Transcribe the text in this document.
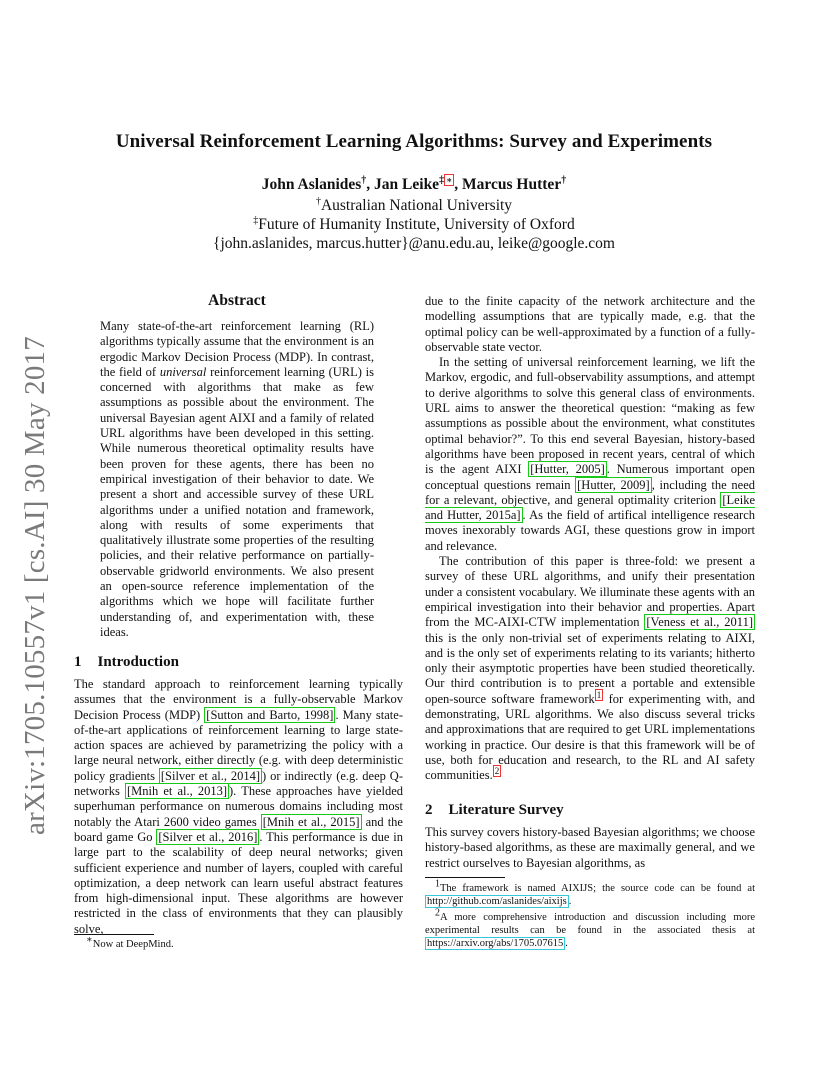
arXiv:1705.10557v1 [cs.AI] 30 May 2017
Universal Reinforcement Learning Algorithms: Survey and Experiments
John Aslanides†, Jan Leike‡ ∗ , Marcus Hutter†
†Australian National University
‡Future of Humanity Institute, University of Oxford
{john.aslanides, marcus.hutter}@anu.edu.au, leike@google.com
Abstract
Many state-of-the-art reinforcement learning (RL) algorithms typically assume that the environment is an ergodic Markov Decision Process (MDP). In contrast, the field of universal reinforcement learning (URL) is concerned with algorithms that make as few assumptions as possible about the environment. The universal Bayesian agent AIXI and a family of related URL algorithms have been developed in this setting. While numerous theoretical optimality results have been proven for these agents, there has been no empirical investigation of their behavior to date. We present a short and accessible survey of these URL algorithms under a unified notation and framework, along with results of some experiments that qualitatively illustrate some properties of the resulting policies, and their relative performance on partially-observable gridworld environments. We also present an open-source reference implementation of the algorithms which we hope will facilitate further understanding of, and experimentation with, these ideas.
1 Introduction
The standard approach to reinforcement learning typically assumes that the environment is a fully-observable Markov Decision Process (MDP) [Sutton and Barto, 1998] . Many state-of-the-art applications of reinforcement learning to large state-action spaces are achieved by parametrizing the policy with a large neural network, either directly (e.g. with deep deterministic policy gradients [Silver et al., 2014] ) or indirectly (e.g. deep Q-networks [Mnih et al., 2013] ). These approaches have yielded superhuman performance on numerous domains including most notably the Atari 2600 video games [Mnih et al., 2015] and the board game Go [Silver et al., 2016] . This performance is due in large part to the scalability of deep neural networks; given sufficient experience and number of layers, coupled with careful optimization, a deep network can learn useful abstract features from high-dimensional input. These algorithms are however restricted in the class of environments that they can plausibly solve,
∗Now at DeepMind.

due to the finite capacity of the network architecture and the modelling assumptions that are typically made, e.g. that the optimal policy can be well-approximated by a function of a fully-observable state vector.

In the setting of universal reinforcement learning, we lift the Markov, ergodic, and full-observability assumptions, and attempt to derive algorithms to solve this general class of environments. URL aims to answer the theoretical question: “making as few assumptions as possible about the environment, what constitutes optimal behavior?”. To this end several Bayesian, history-based algorithms have been proposed in recent years, central of which is the agent AIXI [Hutter, 2005] . Numerous important open conceptual questions remain [Hutter, 2009] , including the need for a relevant, objective, and general optimality criterion [Leike and Hutter, 2015a] . As the field of artifical intelligence research moves inexorably towards AGI, these questions grow in import and relevance.

The contribution of this paper is three-fold: we present a survey of these URL algorithms, and unify their presentation under a consistent vocabulary. We illuminate these agents with an empirical investigation into their behavior and properties. Apart from the MC-AIXI-CTW implementation [Veness et al., 2011] this is the only non-trivial set of experiments relating to AIXI, and is the only set of experiments relating to its variants; hitherto only their asymptotic properties have been studied theoretically. Our third contribution is to present a portable and extensible open-source software framework $^1$ for experimenting with, and demonstrating, URL algorithms. We also discuss several tricks and approximations that are required to get URL implementations working in practice. Our desire is that this framework will be of use, both for education and research, to the RL and AI safety communities. $^2$

2 Literature Survey
This survey covers history-based Bayesian algorithms; we choose history-based algorithms, as these are maximally general, and we restrict ourselves to Bayesian algorithms, as
$^1$The framework is named AIXIJS; the source code can be found at http://github.com/aslanides/aixijs .
$^2$A more comprehensive introduction and discussion including more experimental results can be found in the associated thesis at https://arxiv.org/abs/1705.07615 .
